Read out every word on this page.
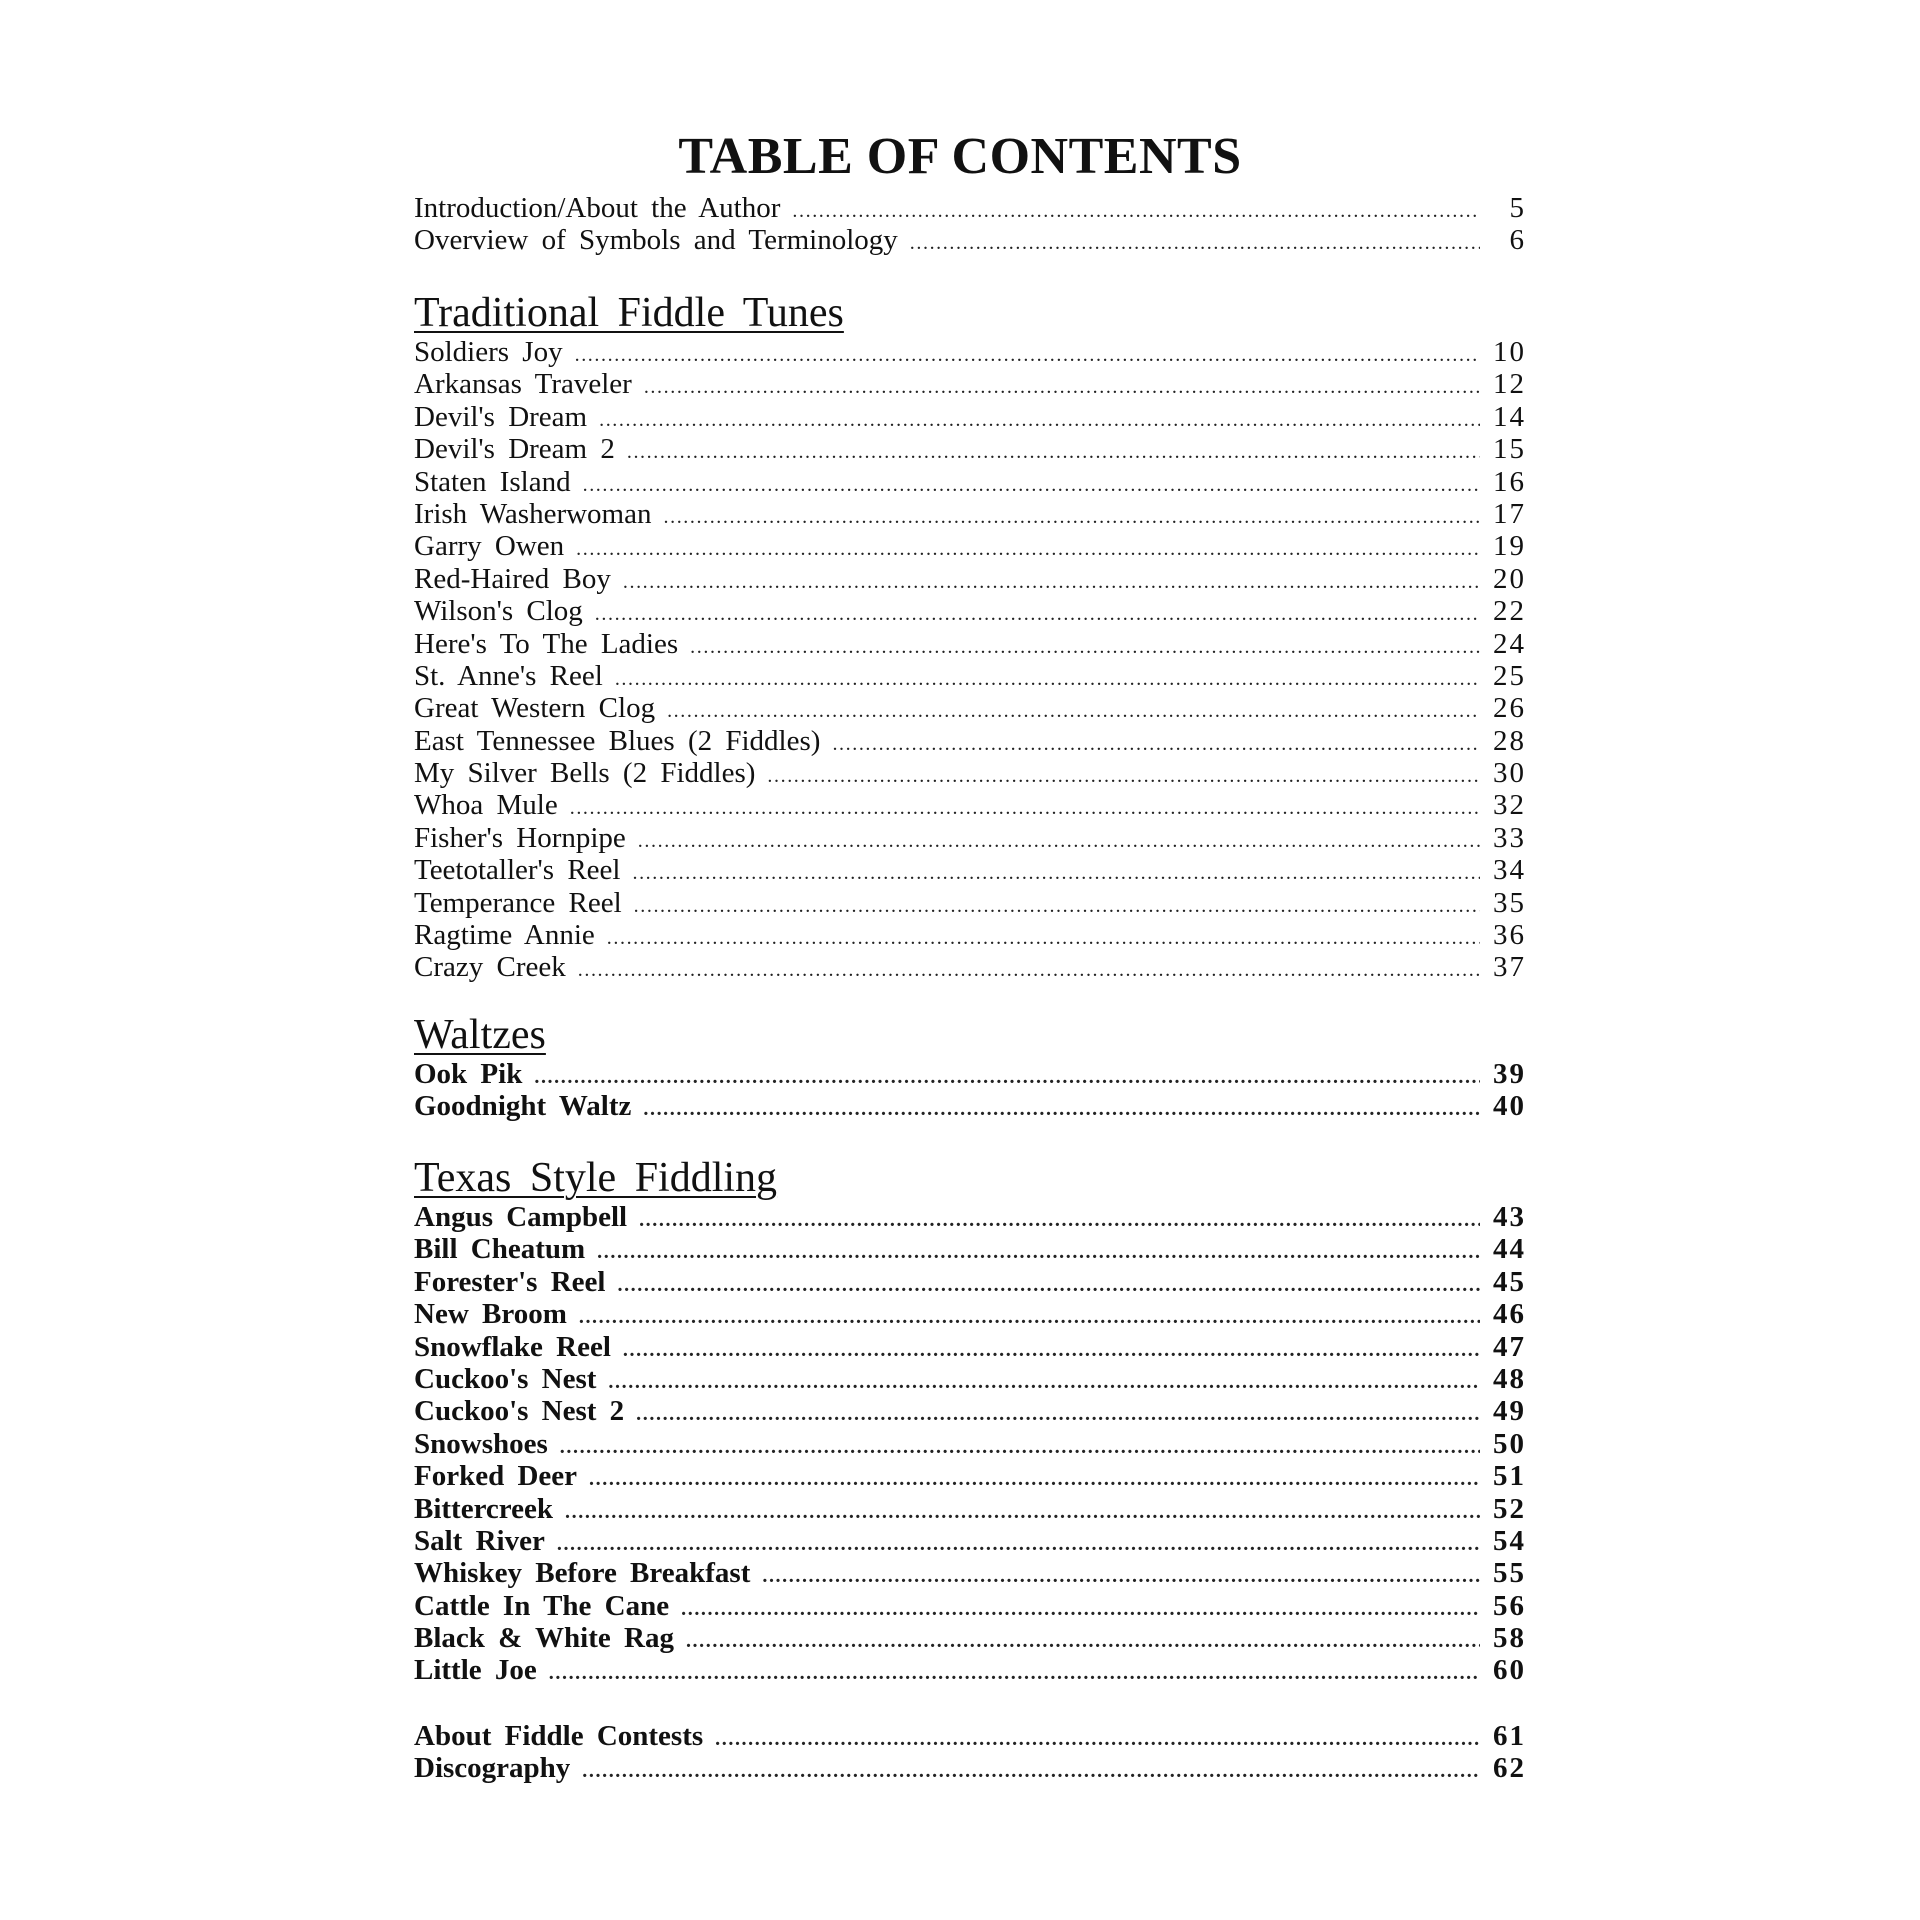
TABLE OF CONTENTS
Introduction/About the Author .....	5
Overview of Symbols and Terminology .....	6
Traditional Fiddle Tunes
Soldiers Joy .....	10
Arkansas Traveler .....	12
Devil's Dream .....	14
Devil's Dream 2 .....	15
Staten Island .....	16
Irish Washerwoman .....	17
Garry Owen .....	19
Red-Haired Boy .....	20
Wilson's Clog .....	22
Here's To The Ladies .....	24
St. Anne's Reel .....	25
Great Western Clog .....	26
East Tennessee Blues (2 Fiddles) .....	28
My Silver Bells (2 Fiddles) .....	30
Whoa Mule .....	32
Fisher's Hornpipe .....	33
Teetotaller's Reel .....	34
Temperance Reel .....	35
Ragtime Annie .....	36
Crazy Creek .....	37
Waltzes
Ook Pik .....	39
Goodnight Waltz .....	40
Texas Style Fiddling
Angus Campbell .....	43
Bill Cheatum .....	44
Forester's Reel .....	45
New Broom .....	46
Snowflake Reel .....	47
Cuckoo's Nest .....	48
Cuckoo's Nest 2 .....	49
Snowshoes .....	50
Forked Deer .....	51
Bittercreek .....	52
Salt River .....	54
Whiskey Before Breakfast .....	55
Cattle In The Cane .....	56
Black & White Rag .....	58
Little Joe .....	60
About Fiddle Contests .....	61
Discography .....	62
